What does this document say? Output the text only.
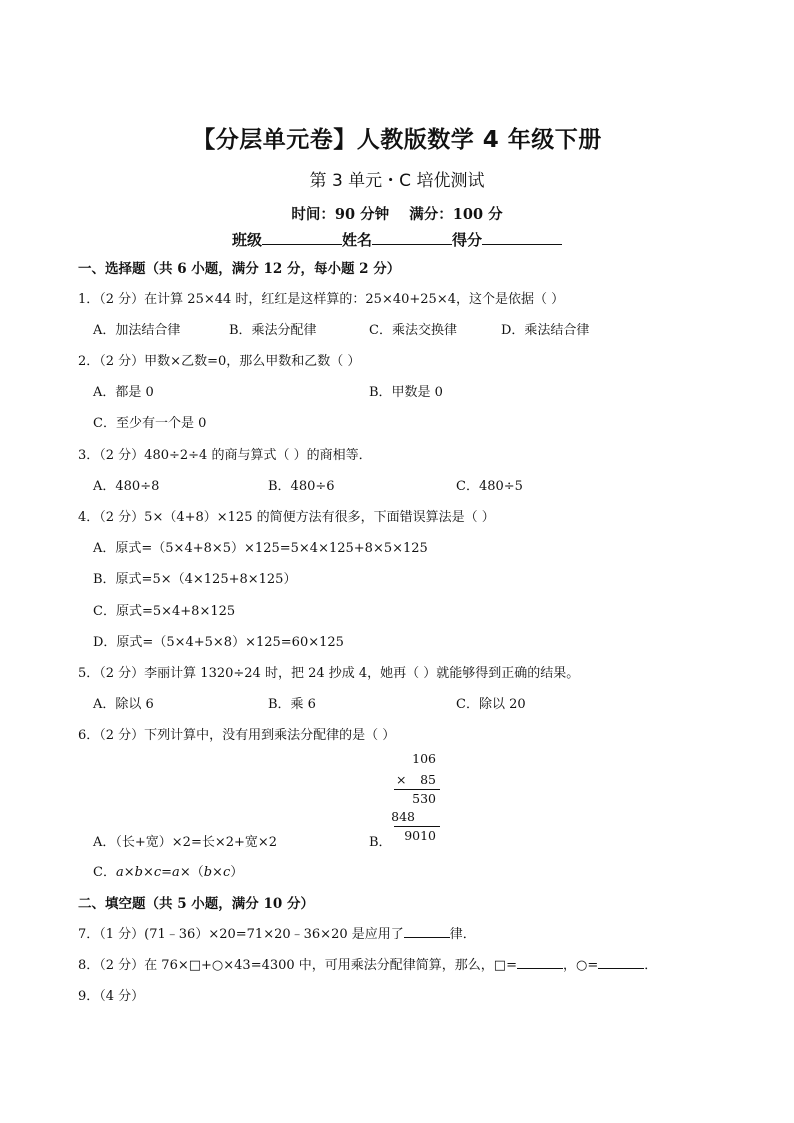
【分层单元卷】人教版数学 4 年级下册
第 3 单元・C 培优测试
时间：90 分钟 满分：100 分
班级	姓名	得分
一、选择题（共 6 小题，满分 12 分，每小题 2 分）
1．（2 分）在计算 25×44 时，红红是这样算的：25×40+25×4，这个是依据（ ）
A．加法结合律	B．乘法分配律	C．乘法交换律	D．乘法结合律
2．（2 分）甲数×乙数=0，那么甲数和乙数（ ）
A．都是 0	B．甲数是 0
C．至少有一个是 0
3．（2 分）480÷2÷4 的商与算式（ ）的商相等．
A．480÷8	B．480÷6	C．480÷5
4．（2 分）5×（4+8）×125 的简便方法有很多，下面错误算法是（ ）
A．原式=（5×4+8×5）×125=5×4×125+8×5×125
B．原式=5×（4×125+8×125）
C．原式=5×4+8×125
D．原式=（5×4+5×8）×125=60×125
5．（2 分）李丽计算 1320÷24 时，把 24 抄成 4，她再（ ）就能够得到正确的结果。
A．除以 6	B．乘 6	C．除以 20
6．（2 分）下列计算中，没有用到乘法分配律的是（ ）
106
×	85
530
848
9010
A．（长+宽）×2=长×2+宽×2	B．
C．a×b×c=a×（b×c）
二、填空题（共 5 小题，满分 10 分）
7．（1 分）(71﹣36）×20=71×20﹣36×20 是应用了	律．
8．（2 分）在 76×□+○×43=4300 中，可用乘法分配律简算，那么，□=	，○=	．
9．（4 分）
